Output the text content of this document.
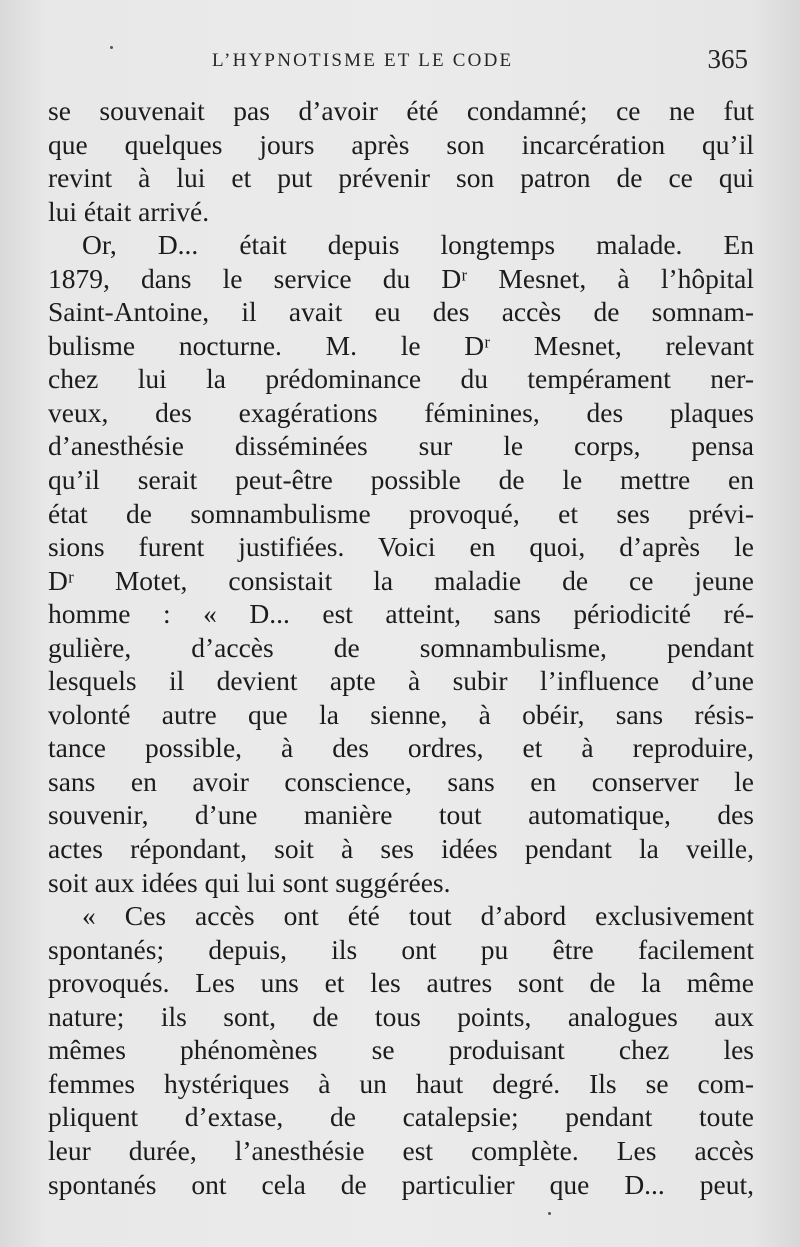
L’HYPNOTISME ET LE CODE	365
se souvenait pas d’avoir été condamné; ce ne fut
que quelques jours après son incarcération qu’il
revint à lui et put prévenir son patron de ce qui
lui était arrivé.
Or, D... était depuis longtemps malade. En
1879, dans le service du Dʳ Mesnet, à l’hôpital
Saint-Antoine, il avait eu des accès de somnam-
bulisme nocturne. M. le Dʳ Mesnet, relevant
chez lui la prédominance du tempérament ner-
veux, des exagérations féminines, des plaques
d’anesthésie disséminées sur le corps, pensa
qu’il serait peut-être possible de le mettre en
état de somnambulisme provoqué, et ses prévi-
sions furent justifiées. Voici en quoi, d’après le
Dʳ Motet, consistait la maladie de ce jeune
homme : « D... est atteint, sans périodicité ré-
gulière, d’accès de somnambulisme, pendant
lesquels il devient apte à subir l’influence d’une
volonté autre que la sienne, à obéir, sans résis-
tance possible, à des ordres, et à reproduire,
sans en avoir conscience, sans en conserver le
souvenir, d’une manière tout automatique, des
actes répondant, soit à ses idées pendant la veille,
soit aux idées qui lui sont suggérées.
« Ces accès ont été tout d’abord exclusivement
spontanés; depuis, ils ont pu être facilement
provoqués. Les uns et les autres sont de la même
nature; ils sont, de tous points, analogues aux
mêmes phénomènes se produisant chez les
femmes hystériques à un haut degré. Ils se com-
pliquent d’extase, de catalepsie; pendant toute
leur durée, l’anesthésie est complète. Les accès
spontanés ont cela de particulier que D... peut,
